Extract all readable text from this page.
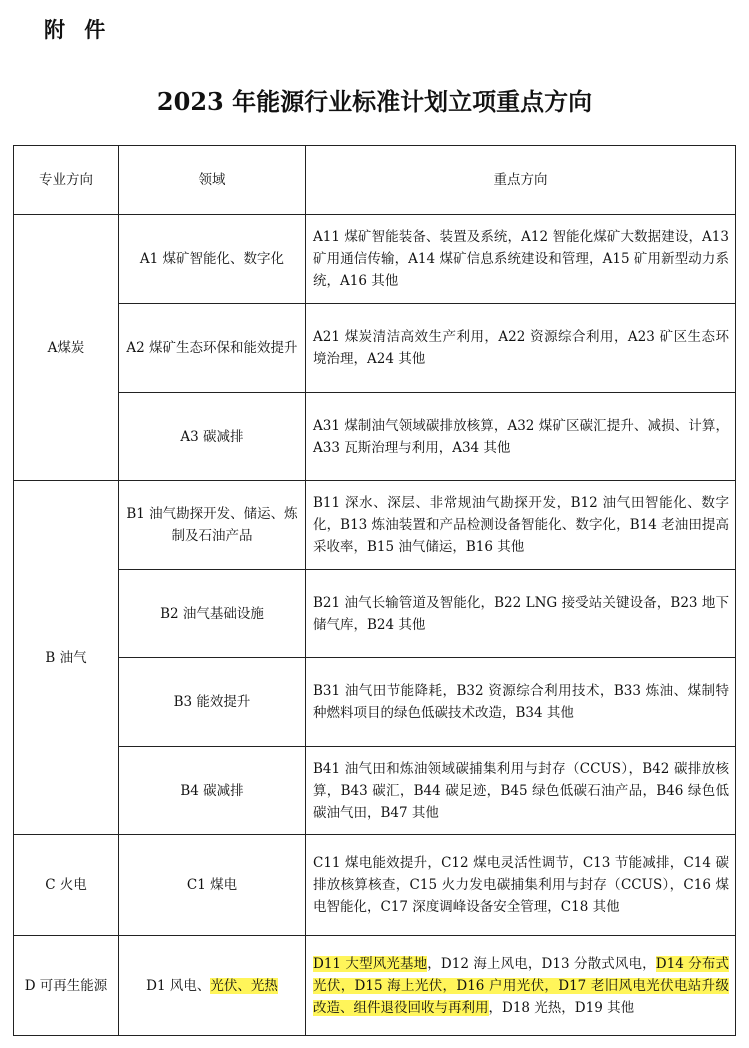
附 件
2023 年能源行业标准计划立项重点方向
专业方向	领域	重点方向
A煤炭	A1 煤矿智能化、数字化	A11 煤矿智能装备、装置及系统，A12 智能化煤矿大数据建设，A13 矿用通信传输，A14 煤矿信息系统建设和管理，A15 矿用新型动力系统，A16 其他
	A2 煤矿生态环保和能效提升	A21 煤炭清洁高效生产利用，A22 资源综合利用，A23 矿区生态环境治理，A24 其他
	A3 碳减排	A31 煤制油气领域碳排放核算，A32 煤矿区碳汇提升、减损、计算，A33 瓦斯治理与利用，A34 其他
B 油气	B1 油气勘探开发、储运、炼制及石油产品	B11 深水、深层、非常规油气勘探开发，B12 油气田智能化、数字化，B13 炼油装置和产品检测设备智能化、数字化，B14 老油田提高采收率，B15 油气储运，B16 其他
	B2 油气基础设施	B21 油气长输管道及智能化，B22 LNG 接受站关键设备，B23 地下储气库，B24 其他
	B3 能效提升	B31 油气田节能降耗，B32 资源综合利用技术，B33 炼油、煤制特种燃料项目的绿色低碳技术改造，B34 其他
	B4 碳减排	B41 油气田和炼油领域碳捕集利用与封存（CCUS），B42 碳排放核算，B43 碳汇，B44 碳足迹，B45 绿色低碳石油产品，B46 绿色低碳油气田，B47 其他
C 火电	C1 煤电	C11 煤电能效提升，C12 煤电灵活性调节，C13 节能减排，C14 碳排放核算核查，C15 火力发电碳捕集利用与封存（CCUS），C16 煤电智能化，C17 深度调峰设备安全管理，C18 其他
D 可再生能源	D1 风电、光伏、光热	D11 大型风光基地，D12 海上风电，D13 分散式风电，D14 分布式光伏，D15 海上光伏，D16 户用光伏，D17 老旧风电光伏电站升级改造、组件退役回收与再利用，D18 光热，D19 其他
